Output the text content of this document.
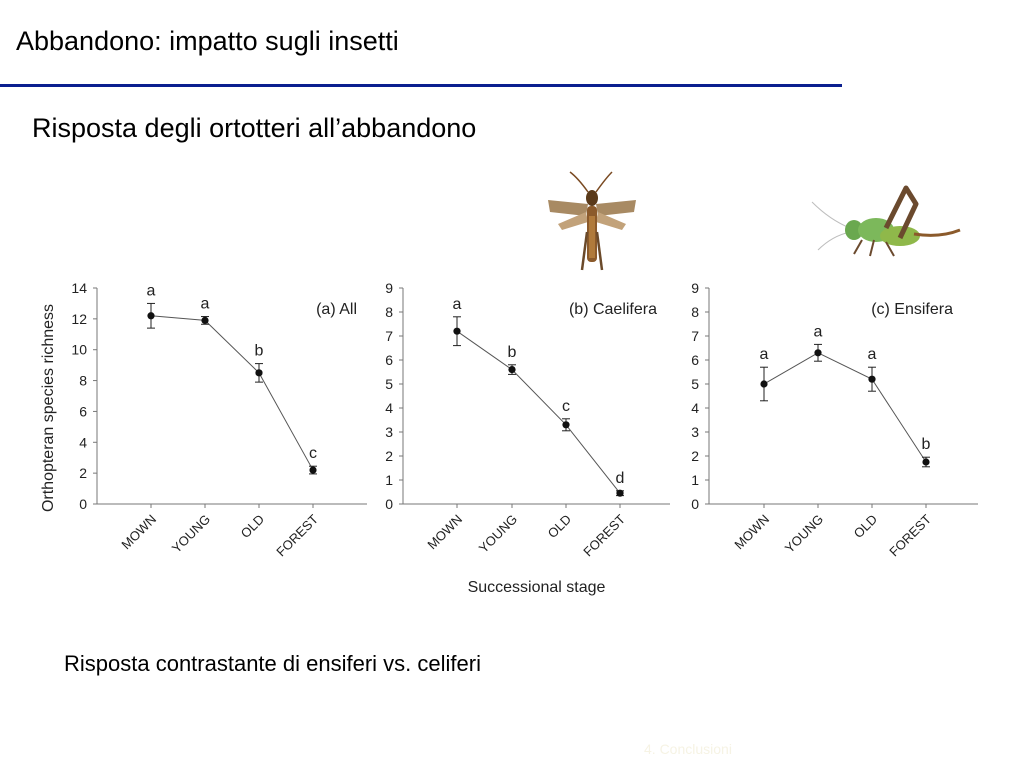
Abbandono: impatto sugli insetti
Risposta degli ortotteri all’abbandono
0
2
4
6
8
10
12
14
MOWN YOUNG OLD FOREST
a
a
b
c
(a) All
Orthopteran species richness	0
1
2
3
4
5
6
7
8
9
MOWN YOUNG OLD FOREST
a
b
c
d
(b) Caelifera
Successional stage
0
1
2
3
4
5
6
7
8
9
MOWN YOUNG OLD FOREST
a
a
a
b
(c) Ensifera
Risposta contrastante di ensiferi vs. celiferi
4. Conclusioni
